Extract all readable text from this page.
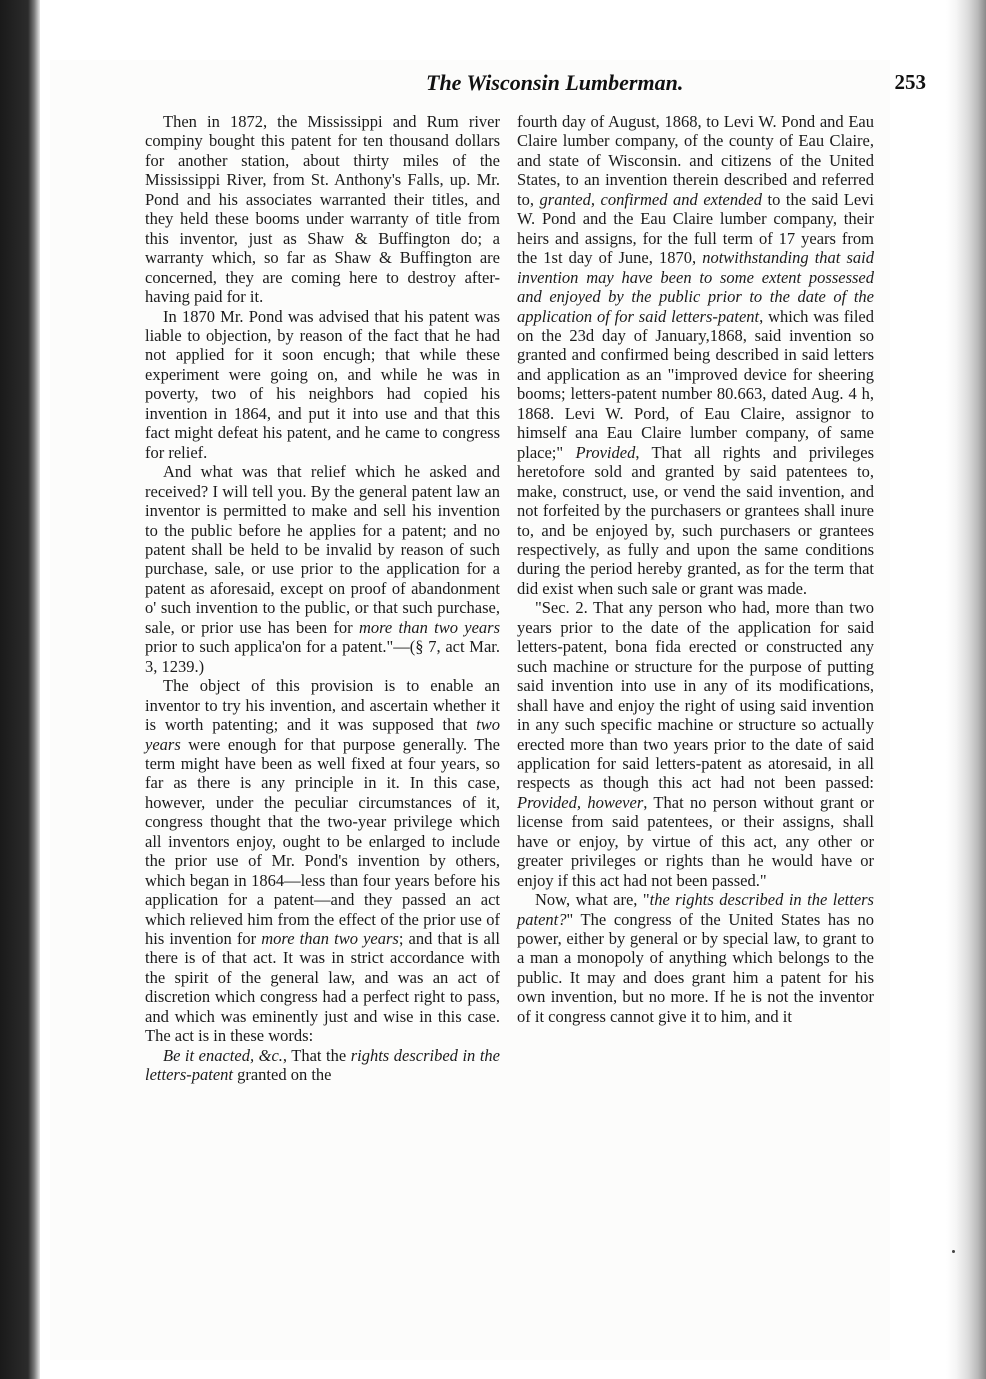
The Wisconsin Lumberman.	253

Then in 1872, the Mississippi and Rum river compiny bought this patent for ten thousand dollars for another station, about thirty miles of the Mississippi River, from St. Anthony's Falls, up. Mr. Pond and his associates warranted their titles, and they held these booms under warranty of title from this inventor, just as Shaw & Buffington do; a warranty which, so far as Shaw & Buffington are concerned, they are coming here to destroy after-having paid for it.

In 1870 Mr. Pond was advised that his patent was liable to objection, by reason of the fact that he had not applied for it soon encugh; that while these experiment were going on, and while he was in poverty, two of his neighbors had copied his invention in 1864, and put it into use and that this fact might defeat his patent, and he came to congress for relief.

And what was that relief which he asked and received? I will tell you. By the general patent law an inventor is permitted to make and sell his invention to the public before he applies for a patent; and no patent shall be held to be invalid by reason of such purchase, sale, or use prior to the application for a patent as aforesaid, except on proof of abandonment o' such invention to the public, or that such purchase, sale, or prior use has been for more than two years prior to such applica'on for a patent."—(§ 7, act Mar. 3, 1239.)

The object of this provision is to enable an inventor to try his invention, and ascertain whether it is worth patenting; and it was supposed that two years were enough for that purpose generally. The term might have been as well fixed at four years, so far as there is any principle in it. In this case, however, under the peculiar circumstances of it, congress thought that the two-year privilege which all inventors enjoy, ought to be enlarged to include the prior use of Mr. Pond's invention by others, which began in 1864—less than four years before his application for a patent—and they passed an act which relieved him from the effect of the prior use of his invention for more than two years; and that is all there is of that act. It was in strict accordance with the spirit of the general law, and was an act of discretion which congress had a perfect right to pass, and which was eminently just and wise in this case. The act is in these words:

Be it enacted, &c., That the rights described in the letters-patent granted on the

fourth day of August, 1868, to Levi W. Pond and Eau Claire lumber company, of the county of Eau Claire, and state of Wisconsin. and citizens of the United States, to an invention therein described and referred to, granted, confirmed and extended to the said Levi W. Pond and the Eau Claire lumber company, their heirs and assigns, for the full term of 17 years from the 1st day of June, 1870, notwithstanding that said invention may have been to some extent possessed and enjoyed by the public prior to the date of the application of for said letters-patent, which was filed on the 23d day of January,1868, said invention so granted and confirmed being described in said letters and application as an "improved device for sheering booms; letters-patent number 80.663, dated Aug. 4 h, 1868. Levi W. Pord, of Eau Claire, assignor to himself ana Eau Claire lumber company, of same place;" Provided, That all rights and privileges heretofore sold and granted by said patentees to, make, construct, use, or vend the said invention, and not forfeited by the purchasers or grantees shall inure to, and be enjoyed by, such purchasers or grantees respectively, as fully and upon the same conditions during the period hereby granted, as for the term that did exist when such sale or grant was made.

"Sec. 2. That any person who had, more than two years prior to the date of the application for said letters-patent, bona fida erected or constructed any such machine or structure for the purpose of putting said invention into use in any of its modifications, shall have and enjoy the right of using said invention in any such specific machine or structure so actually erected more than two years prior to the date of said application for said letters-patent as atoresaid, in all respects as though this act had not been passed: Provided, however, That no person without grant or license from said patentees, or their assigns, shall have or enjoy, by virtue of this act, any other or greater privileges or rights than he would have or enjoy if this act had not been passed."

Now, what are, "the rights described in the letters patent?" The congress of the United States has no power, either by general or by special law, to grant to a man a monopoly of anything which belongs to the public. It may and does grant him a patent for his own invention, but no more. If he is not the inventor of it congress cannot give it to him, and it
